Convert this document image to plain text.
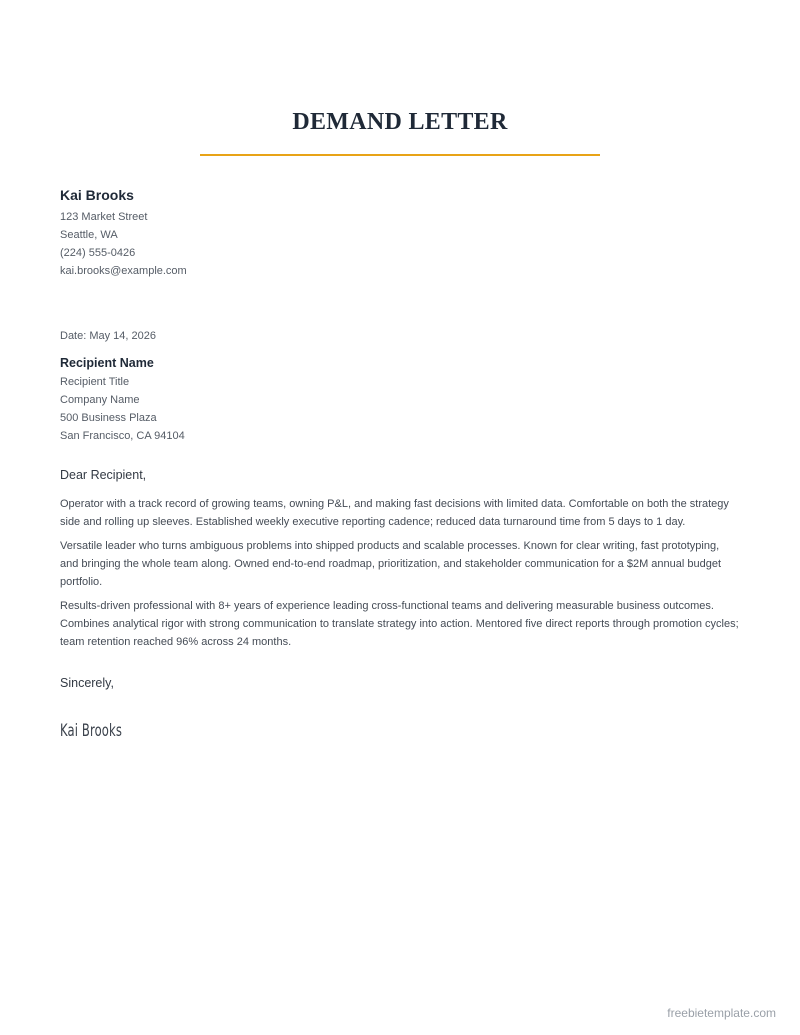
DEMAND LETTER
Kai Brooks
123 Market Street
Seattle, WA
(224) 555-0426
kai.brooks@example.com
Date: May 14, 2026
Recipient Name
Recipient Title
Company Name
500 Business Plaza
San Francisco, CA 94104
Dear Recipient,

Operator with a track record of growing teams, owning P&L, and making fast decisions with limited data. Comfortable on both the strategy side and rolling up sleeves. Established weekly executive reporting cadence; reduced data turnaround time from 5 days to 1 day.

Versatile leader who turns ambiguous problems into shipped products and scalable processes. Known for clear writing, fast prototyping, and bringing the whole team along. Owned end-to-end roadmap, prioritization, and stakeholder communication for a $2M annual budget portfolio.

Results-driven professional with 8+ years of experience leading cross-functional teams and delivering measurable business outcomes. Combines analytical rigor with strong communication to translate strategy into action. Mentored five direct reports through promotion cycles; team retention reached 96% across 24 months.

Sincerely,
Kai Brooks
freebietemplate.com
